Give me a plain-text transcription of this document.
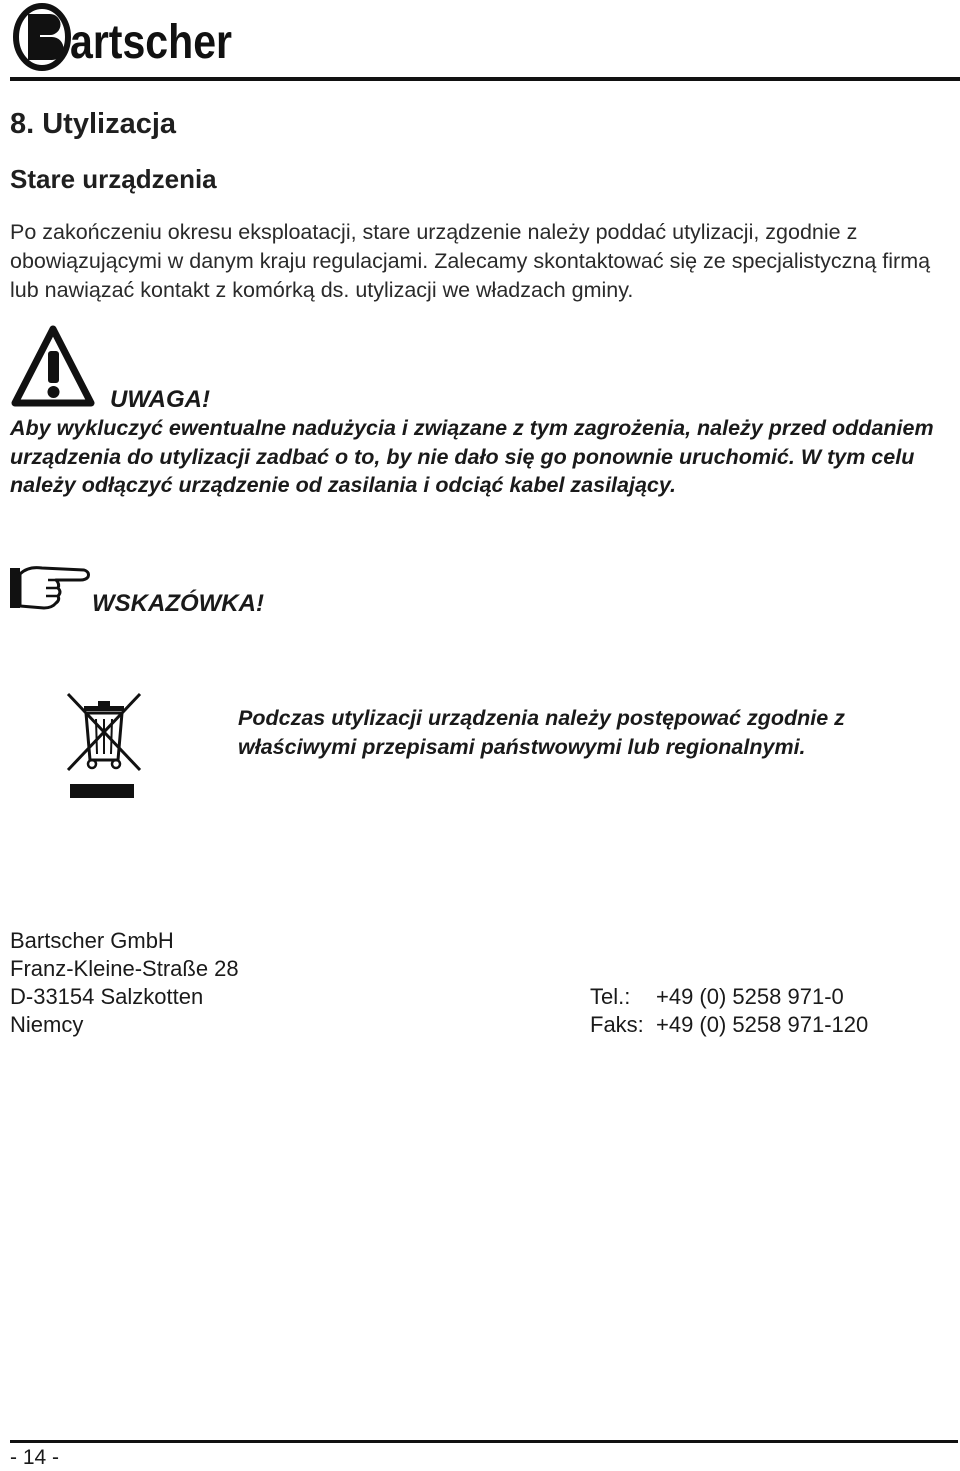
artscher
8. Utylizacja
Stare urządzenia

Po zakończeniu okresu eksploatacji, stare urządzenie należy poddać utylizacji, zgodnie z obowiązującymi w danym kraju regulacjami. Zalecamy skontaktować się ze specjalistyczną firmą lub nawiązać kontakt z komórką ds. utylizacji we władzach gminy.

UWAGA!

Aby wykluczyć ewentualne nadużycia i związane z tym zagrożenia, należy przed oddaniem urządzenia do utylizacji zadbać o to, by nie dało się go ponownie uruchomić. W tym celu należy odłączyć urządzenie od zasilania i odciąć kabel zasilający.

WSKAZÓWKA!

Podczas utylizacji urządzenia należy postępować zgodnie z właściwymi przepisami państwowymi lub regionalnymi.

Bartscher GmbH
Franz-Kleine-Straße 28
D-33154 Salzkotten
Niemcy
Tel.: +49 (0) 5258 971-0
Faks: +49 (0) 5258 971-120
- 14 -
